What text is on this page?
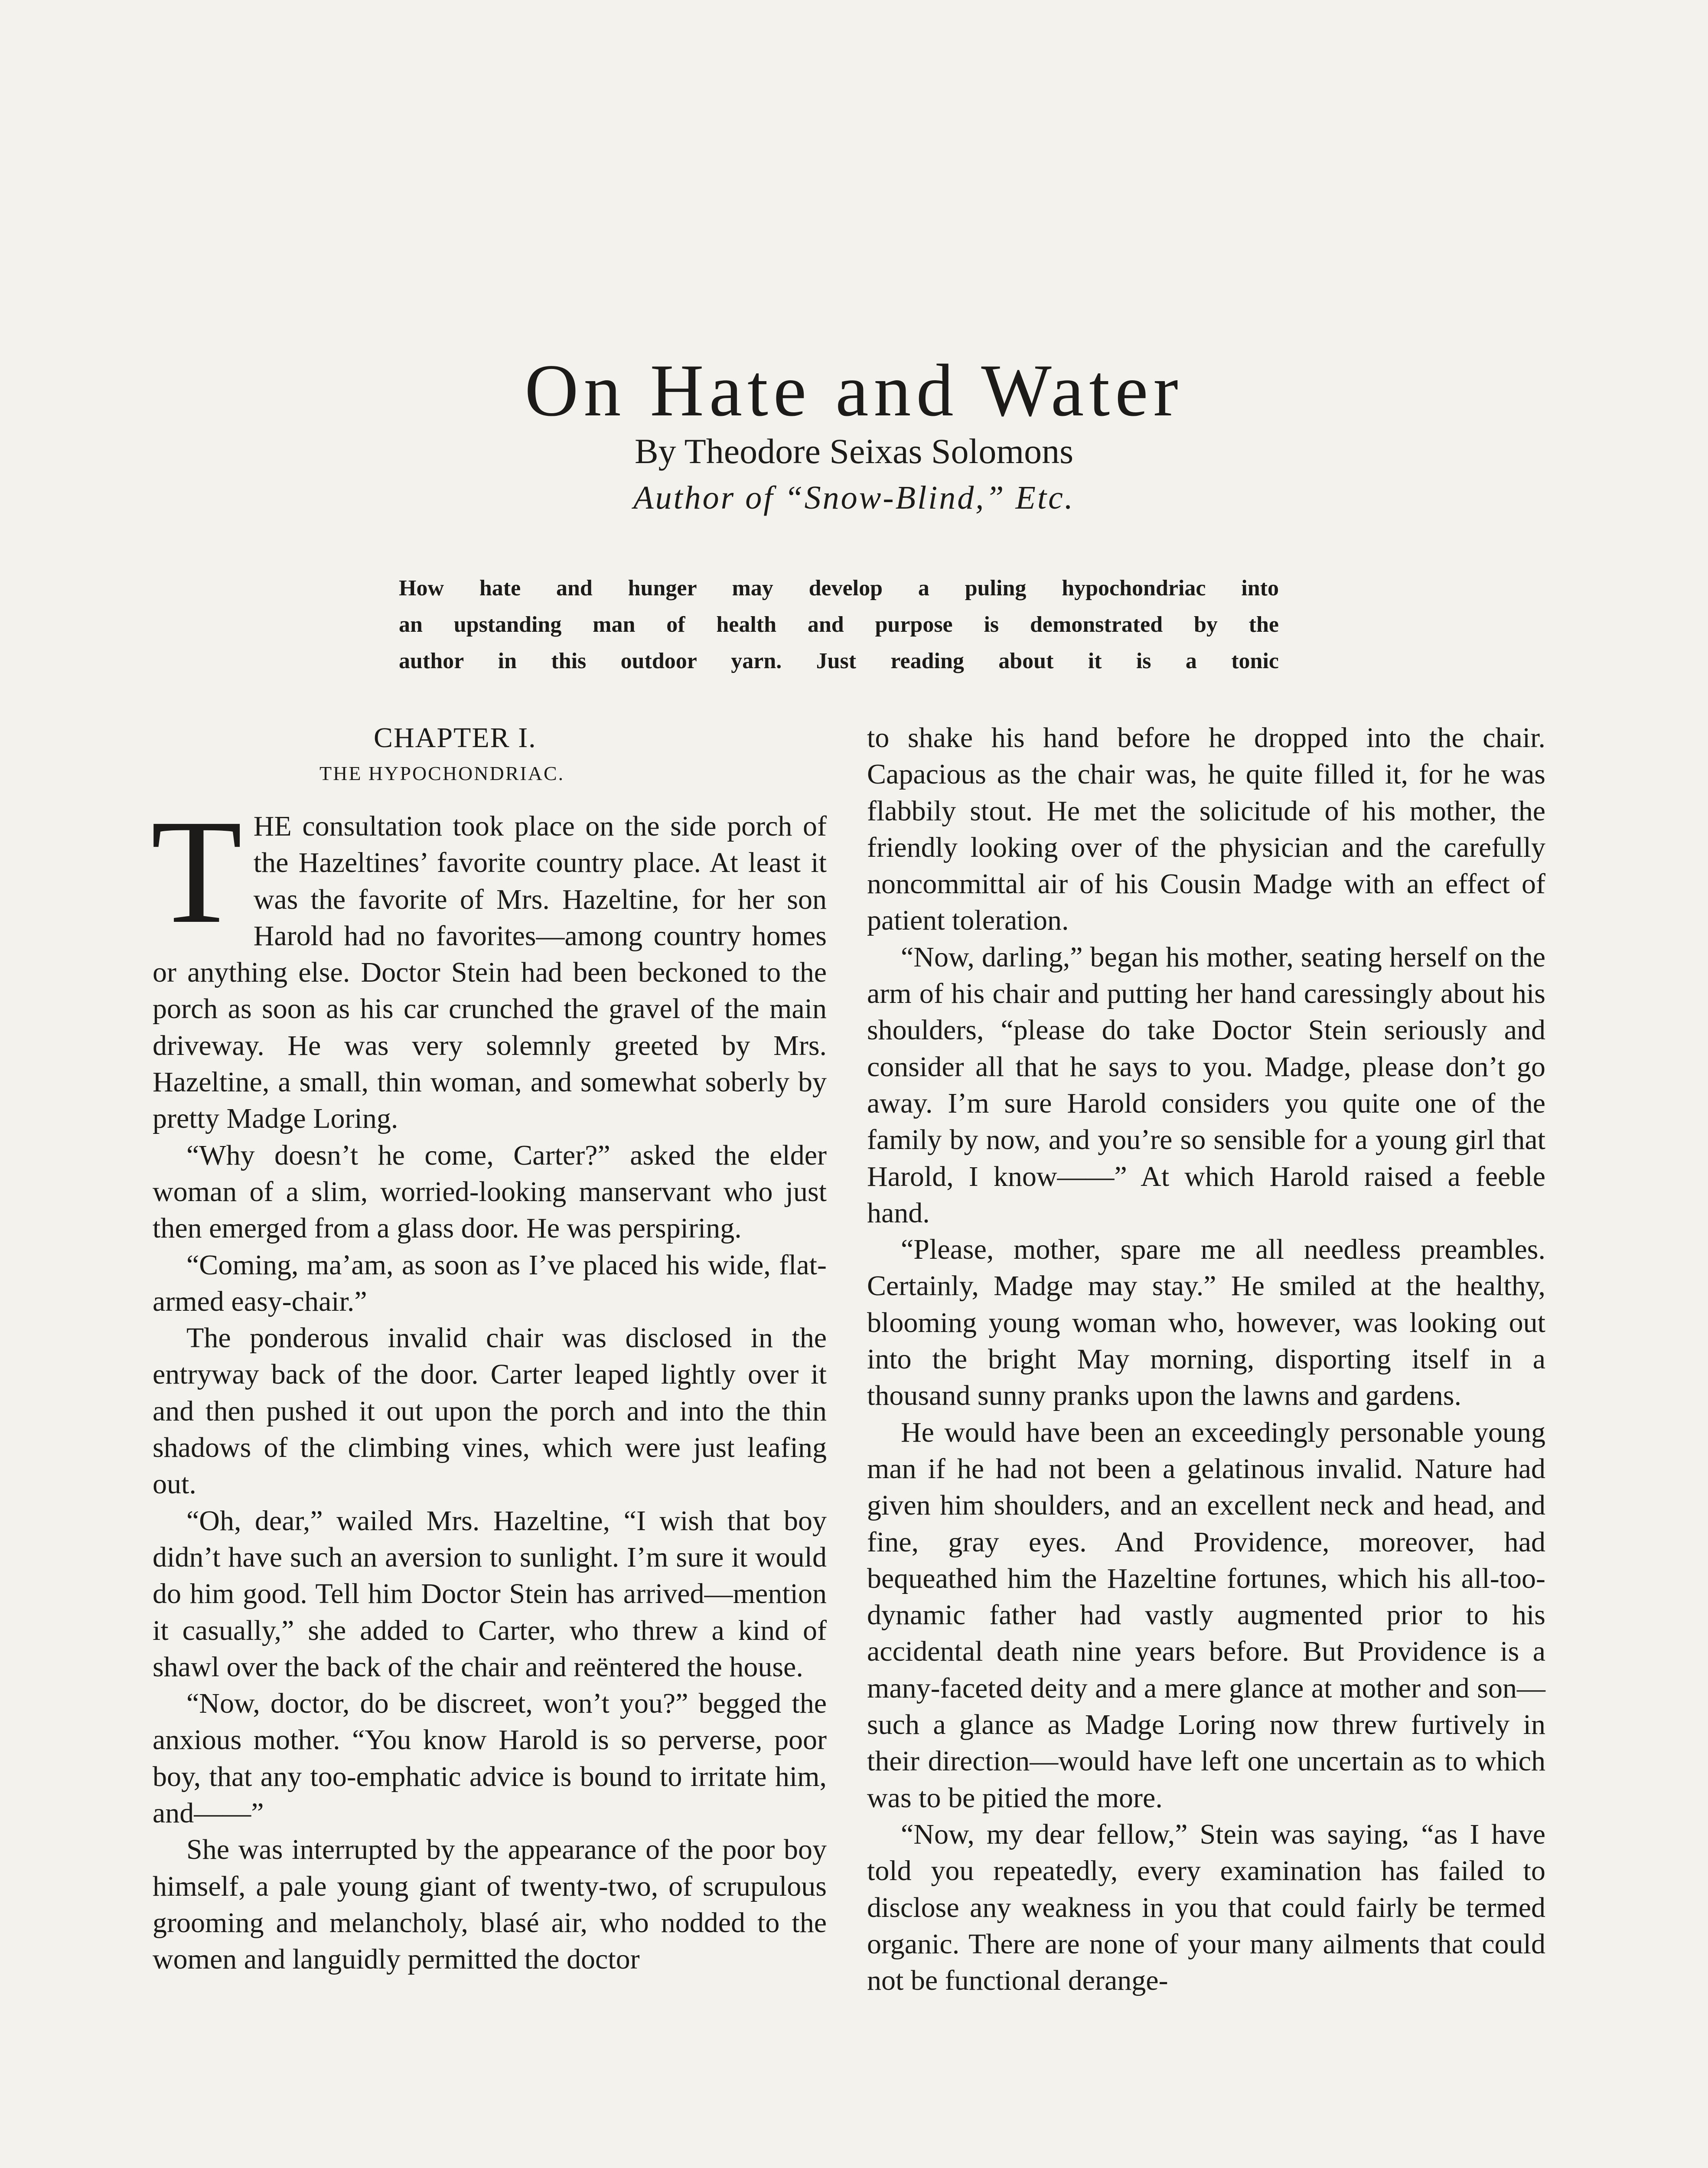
On Hate and Water
By Theodore Seixas Solomons
Author of “Snow-Blind,” Etc.
How hate and hunger may develop a puling hypochondriac into
an upstanding man of health and purpose is demonstrated by the
author in this outdoor yarn. Just reading about it is a tonic
CHAPTER I.
THE HYPOCHONDRIAC.

THE consultation took place on the side porch of the Hazeltines’ favorite country place. At least it was the favorite of Mrs. Hazeltine, for her son Harold had no favorites—among country homes or anything else. Doctor Stein had been beckoned to the porch as soon as his car crunched the gravel of the main driveway. He was very solemnly greeted by Mrs. Hazeltine, a small, thin woman, and somewhat soberly by pretty Madge Loring.

“Why doesn’t he come, Carter?” asked the elder woman of a slim, worried-looking manservant who just then emerged from a glass door. He was perspiring.

“Coming, ma’am, as soon as I’ve placed his wide, flat-armed easy-chair.”

The ponderous invalid chair was disclosed in the entryway back of the door. Carter leaped lightly over it and then pushed it out upon the porch and into the thin shadows of the climbing vines, which were just leafing out.

“Oh, dear,” wailed Mrs. Hazeltine, “I wish that boy didn’t have such an aversion to sunlight. I’m sure it would do him good. Tell him Doctor Stein has arrived—mention it casually,” she added to Carter, who threw a kind of shawl over the back of the chair and reëntered the house.

“Now, doctor, do be discreet, won’t you?” begged the anxious mother. “You know Harold is so perverse, poor boy, that any too-emphatic advice is bound to irritate him, and——”

She was interrupted by the appearance of the poor boy himself, a pale young giant of twenty-two, of scrupulous grooming and melancholy, blasé air, who nodded to the women and languidly permitted the doctor

to shake his hand before he dropped into the chair. Capacious as the chair was, he quite filled it, for he was flabbily stout. He met the solicitude of his mother, the friendly looking over of the physician and the carefully noncommittal air of his Cousin Madge with an effect of patient toleration.

“Now, darling,” began his mother, seating herself on the arm of his chair and putting her hand caressingly about his shoulders, “please do take Doctor Stein seriously and consider all that he says to you. Madge, please don’t go away. I’m sure Harold considers you quite one of the family by now, and you’re so sensible for a young girl that Harold, I know——” At which Harold raised a feeble hand.

“Please, mother, spare me all needless preambles. Certainly, Madge may stay.” He smiled at the healthy, blooming young woman who, however, was looking out into the bright May morning, disporting itself in a thousand sunny pranks upon the lawns and gardens.

He would have been an exceedingly personable young man if he had not been a gelatinous invalid. Nature had given him shoulders, and an excellent neck and head, and fine, gray eyes. And Providence, moreover, had bequeathed him the Hazeltine fortunes, which his all-too-dynamic father had vastly augmented prior to his accidental death nine years before. But Providence is a many-faceted deity and a mere glance at mother and son—such a glance as Madge Loring now threw furtively in their direction—would have left one uncertain as to which was to be pitied the more.

“Now, my dear fellow,” Stein was saying, “as I have told you repeatedly, every examination has failed to disclose any weakness in you that could fairly be termed organic. There are none of your many ailments that could not be functional derange-
